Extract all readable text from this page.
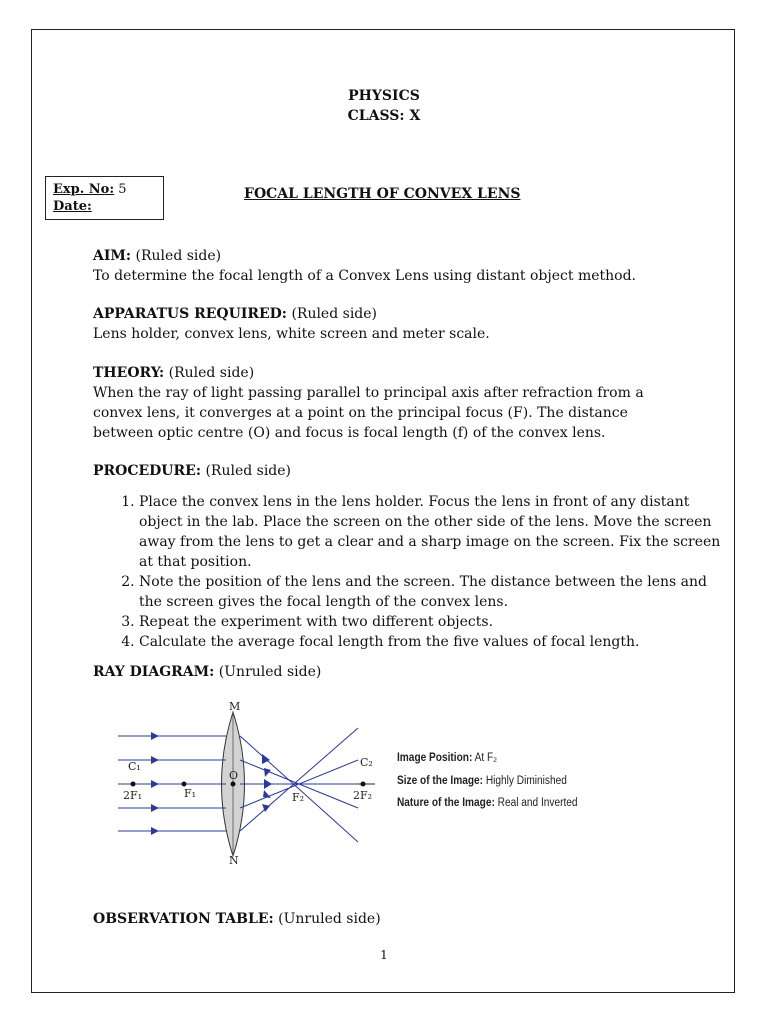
PHYSICS
CLASS: X
Exp. No: 5
Date:
FOCAL LENGTH OF CONVEX LENS
AIM: (Ruled side)
To determine the focal length of a Convex Lens using distant object method.
APPARATUS REQUIRED: (Ruled side)
Lens holder, convex lens, white screen and meter scale.
THEORY: (Ruled side)
When the ray of light passing parallel to principal axis after refraction from a
convex lens, it converges at a point on the principal focus (F). The distance
between optic centre (O) and focus is focal length (f) of the convex lens.
PROCEDURE: (Ruled side)
1. Place the convex lens in the lens holder. Focus the lens in front of any distant object in the lab. Place the screen on the other side of the lens. Move the screen away from the lens to get a clear and a sharp image on the screen. Fix the screen at that position.
2. Note the position of the lens and the screen. The distance between the lens and the screen gives the focal length of the convex lens.
3. Repeat the experiment with two different objects.
4. Calculate the average focal length from the five values of focal length.
RAY DIAGRAM: (Unruled side)
M
N
O
C₁
2F₁	F₁	F₂
C₂
2F₂
Image Position: At F₂
Size of the Image: Highly Diminished
Nature of the Image: Real and Inverted
OBSERVATION TABLE: (Unruled side)
1
